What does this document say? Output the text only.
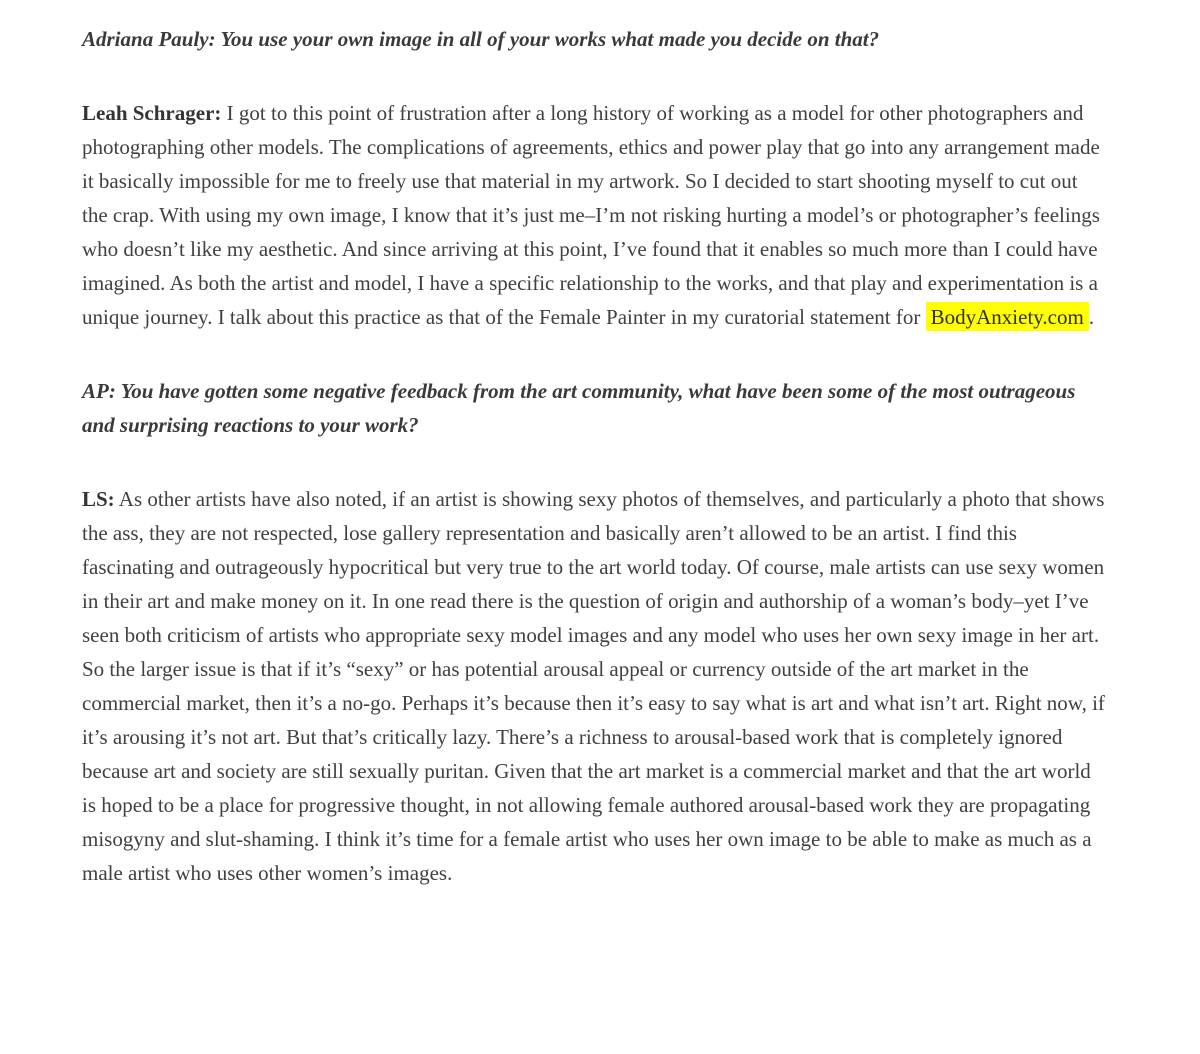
Adriana Pauly: You use your own image in all of your works what made you decide on that?

Leah Schrager: I got to this point of frustration after a long history of working as a model for other photographers and photographing other models. The complications of agreements, ethics and power play that go into any arrangement made it basically impossible for me to freely use that material in my artwork. So I decided to start shooting myself to cut out the crap. With using my own image, I know that it’s just me–I’m not risking hurting a model’s or photographer’s feelings who doesn’t like my aesthetic. And since arriving at this point, I’ve found that it enables so much more than I could have imagined. As both the artist and model, I have a specific relationship to the works, and that play and experimentation is a unique journey. I talk about this practice as that of the Female Painter in my curatorial statement for BodyAnxiety.com .

AP: You have gotten some negative feedback from the art community, what have been some of the most outrageous and surprising reactions to your work?

LS: As other artists have also noted, if an artist is showing sexy photos of themselves, and particularly a photo that shows the ass, they are not respected, lose gallery representation and basically aren’t allowed to be an artist. I find this fascinating and outrageously hypocritical but very true to the art world today. Of course, male artists can use sexy women in their art and make money on it. In one read there is the question of origin and authorship of a woman’s body–yet I’ve seen both criticism of artists who appropriate sexy model images and any model who uses her own sexy image in her art. So the larger issue is that if it’s “sexy” or has potential arousal appeal or currency outside of the art market in the commercial market, then it’s a no-go. Perhaps it’s because then it’s easy to say what is art and what isn’t art. Right now, if it’s arousing it’s not art. But that’s critically lazy. There’s a richness to arousal-based work that is completely ignored because art and society are still sexually puritan. Given that the art market is a commercial market and that the art world is hoped to be a place for progressive thought, in not allowing female authored arousal-based work they are propagating misogyny and slut-shaming. I think it’s time for a female artist who uses her own image to be able to make as much as a male artist who uses other women’s images.
